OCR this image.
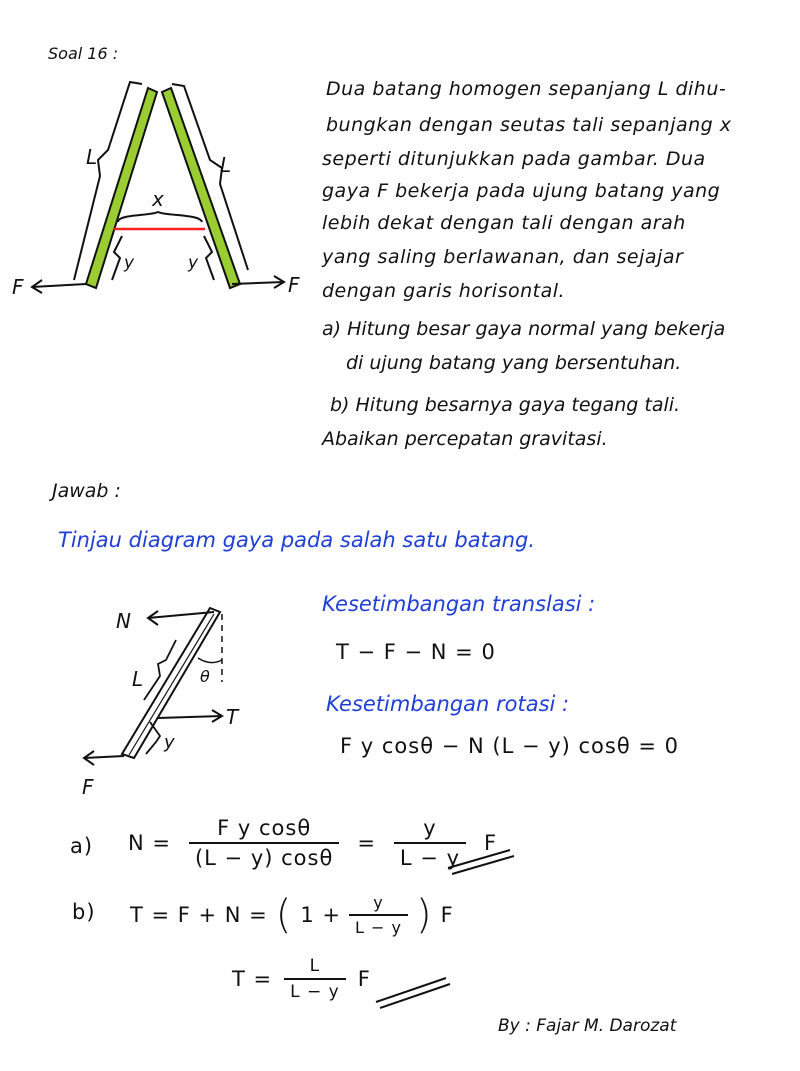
Soal 16 :
L	L
x
y	y
F	F
Dua batang homogen sepanjang L dihu-
bungkan dengan seutas tali sepanjang x
seperti ditunjukkan pada gambar. Dua
gaya F bekerja pada ujung batang yang
lebih dekat dengan tali dengan arah
yang saling berlawanan, dan sejajar
dengan garis horisontal.
a) Hitung besar gaya normal yang bekerja
di ujung batang yang bersentuhan.
b) Hitung besarnya gaya tegang tali.
Abaikan percepatan gravitasi.
Jawab :
Tinjau diagram gaya pada salah satu batang.
N
L	θ
T
y
F
Kesetimbangan translasi :
T − F − N = 0
Kesetimbangan rotasi :
F y cosθ − N (L − y) cosθ = 0
a) $N = \frac{\text{F y cosθ}}{(L - y) \cos\theta} = \frac{y}{L - y}$ F
b) T = F + N = ( $1 + \frac{y}{L - y}$ ) F
$T = \frac{L}{L - y}$ F
By : Fajar M. Darozat
